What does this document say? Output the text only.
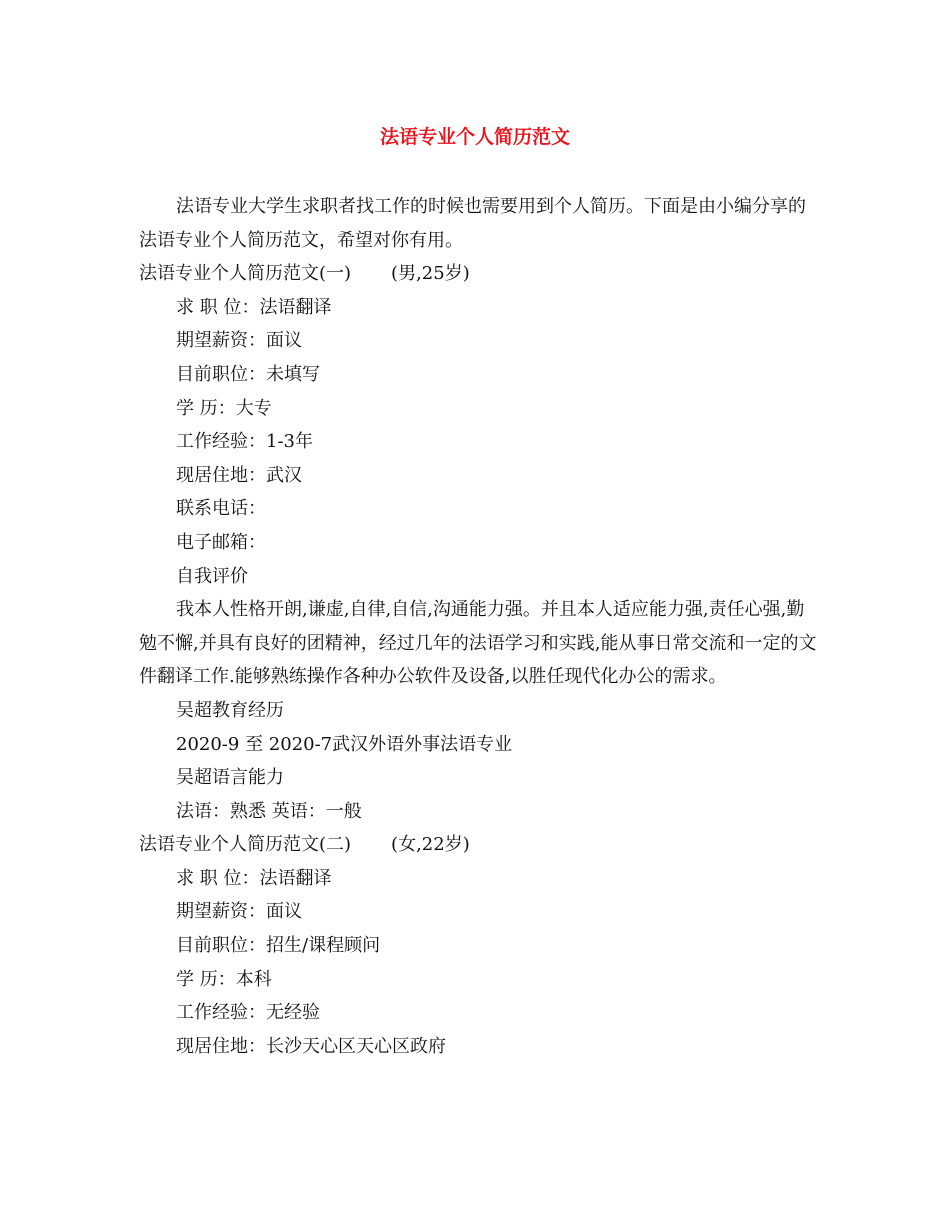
法语专业个人简历范文

法语专业大学生求职者找工作的时候也需要用到个人简历。下面是由小编分享的法语专业个人简历范文，希望对你有用。

法语专业个人简历范文(一) (男,25岁)

求 职 位：法语翻译

期望薪资：面议

目前职位：未填写

学 历：大专

工作经验：1-3年

现居住地：武汉

联系电话：

电子邮箱：

自我评价

我本人性格开朗,谦虚,自律,自信,沟通能力强。并且本人适应能力强,责任心强,勤勉不懈,并具有良好的团精神，经过几年的法语学习和实践,能从事日常交流和一定的文件翻译工作.能够熟练操作各种办公软件及设备,以胜任现代化办公的需求。

吴超教育经历

2020-9 至 2020-7武汉外语外事法语专业

吴超语言能力

法语：熟悉 英语：一般

法语专业个人简历范文(二) (女,22岁)

求 职 位：法语翻译

期望薪资：面议

目前职位：招生/课程顾问

学 历：本科

工作经验：无经验

现居住地：长沙天心区天心区政府
